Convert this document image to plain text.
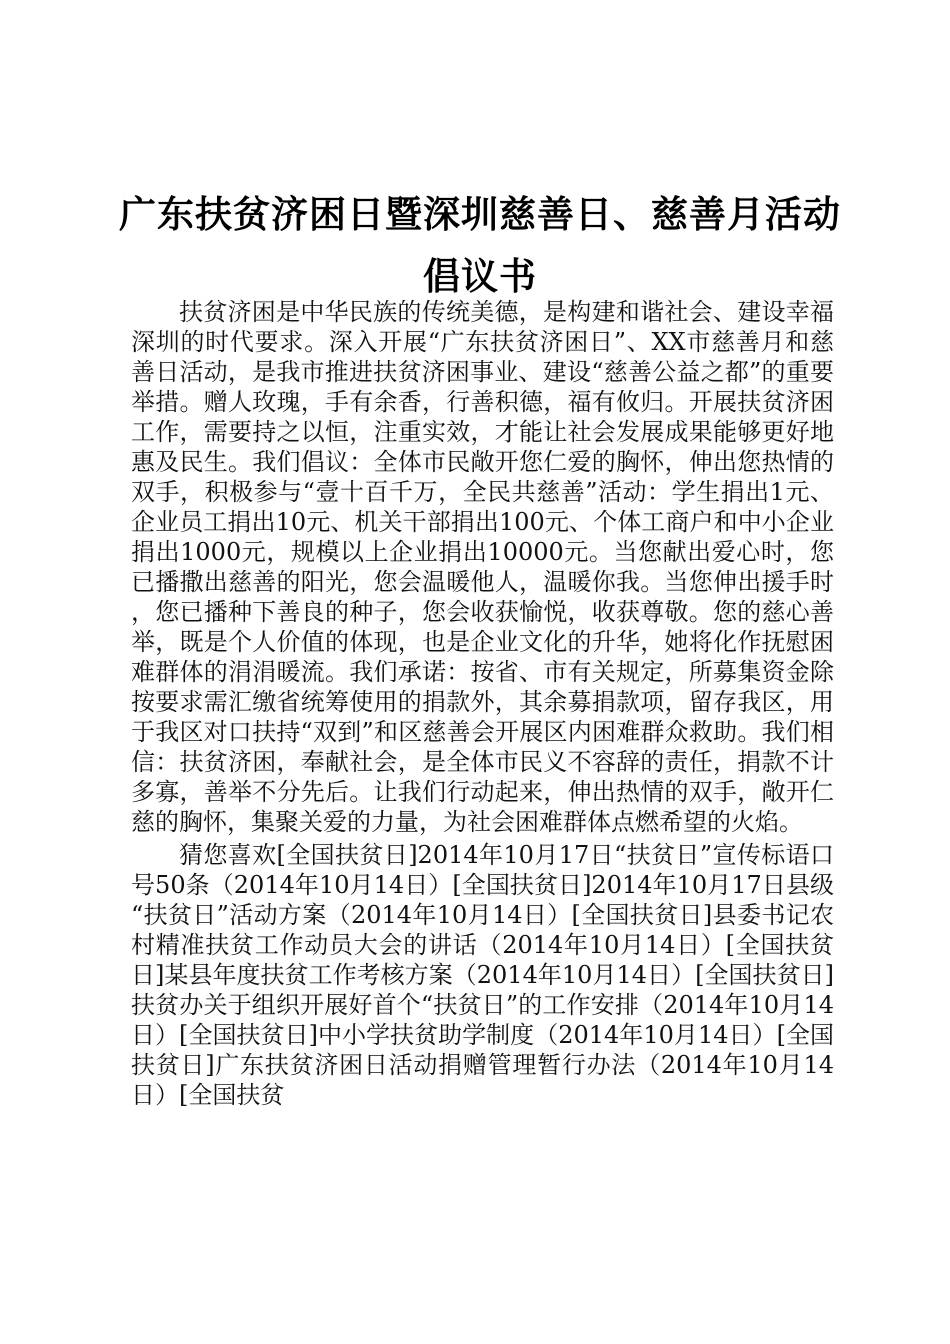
广东扶贫济困日暨深圳慈善日、慈善月活动倡议书

扶贫济困是中华民族的传统美德，是构建和谐社会、建设幸福深圳的时代要求。深入开展“广东扶贫济困日”、XX市慈善月和慈善日活动，是我市推进扶贫济困事业、建设“慈善公益之都”的重要举措。赠人玫瑰，手有余香，行善积德，福有攸归。开展扶贫济困工作，需要持之以恒，注重实效，才能让社会发展成果能够更好地惠及民生。我们倡议：全体市民敞开您仁爱的胸怀，伸出您热情的双手，积极参与“壹十百千万，全民共慈善”活动：学生捐出1元、企业员工捐出10元、机关干部捐出100元、个体工商户和中小企业捐出1000元，规模以上企业捐出10000元。当您献出爱心时，您已播撒出慈善的阳光，您会温暖他人，温暖你我。当您伸出援手时，您已播种下善良的种子，您会收获愉悦，收获尊敬。您的慈心善举，既是个人价值的体现，也是企业文化的升华，她将化作抚慰困难群体的涓涓暖流。我们承诺：按省、市有关规定，所募集资金除按要求需汇缴省统筹使用的捐款外，其余募捐款项，留存我区，用于我区对口扶持“双到”和区慈善会开展区内困难群众救助。我们相信：扶贫济困，奉献社会，是全体市民义不容辞的责任，捐款不计多寡，善举不分先后。让我们行动起来，伸出热情的双手，敞开仁慈的胸怀，集聚关爱的力量，为社会困难群体点燃希望的火焰。

猜您喜欢[全国扶贫日]2014年10月17日“扶贫日”宣传标语口号50条（2014年10月14日）[全国扶贫日]2014年10月17日县级“扶贫日”活动方案（2014年10月14日）[全国扶贫日]县委书记农村精准扶贫工作动员大会的讲话（2014年10月14日）[全国扶贫日]某县年度扶贫工作考核方案（2014年10月14日）[全国扶贫日]扶贫办关于组织开展好首个“扶贫日”的工作安排（2014年10月14日）[全国扶贫日]中小学扶贫助学制度（2014年10月14日）[全国扶贫日]广东扶贫济困日活动捐赠管理暂行办法（2014年10月14日）[全国扶贫
